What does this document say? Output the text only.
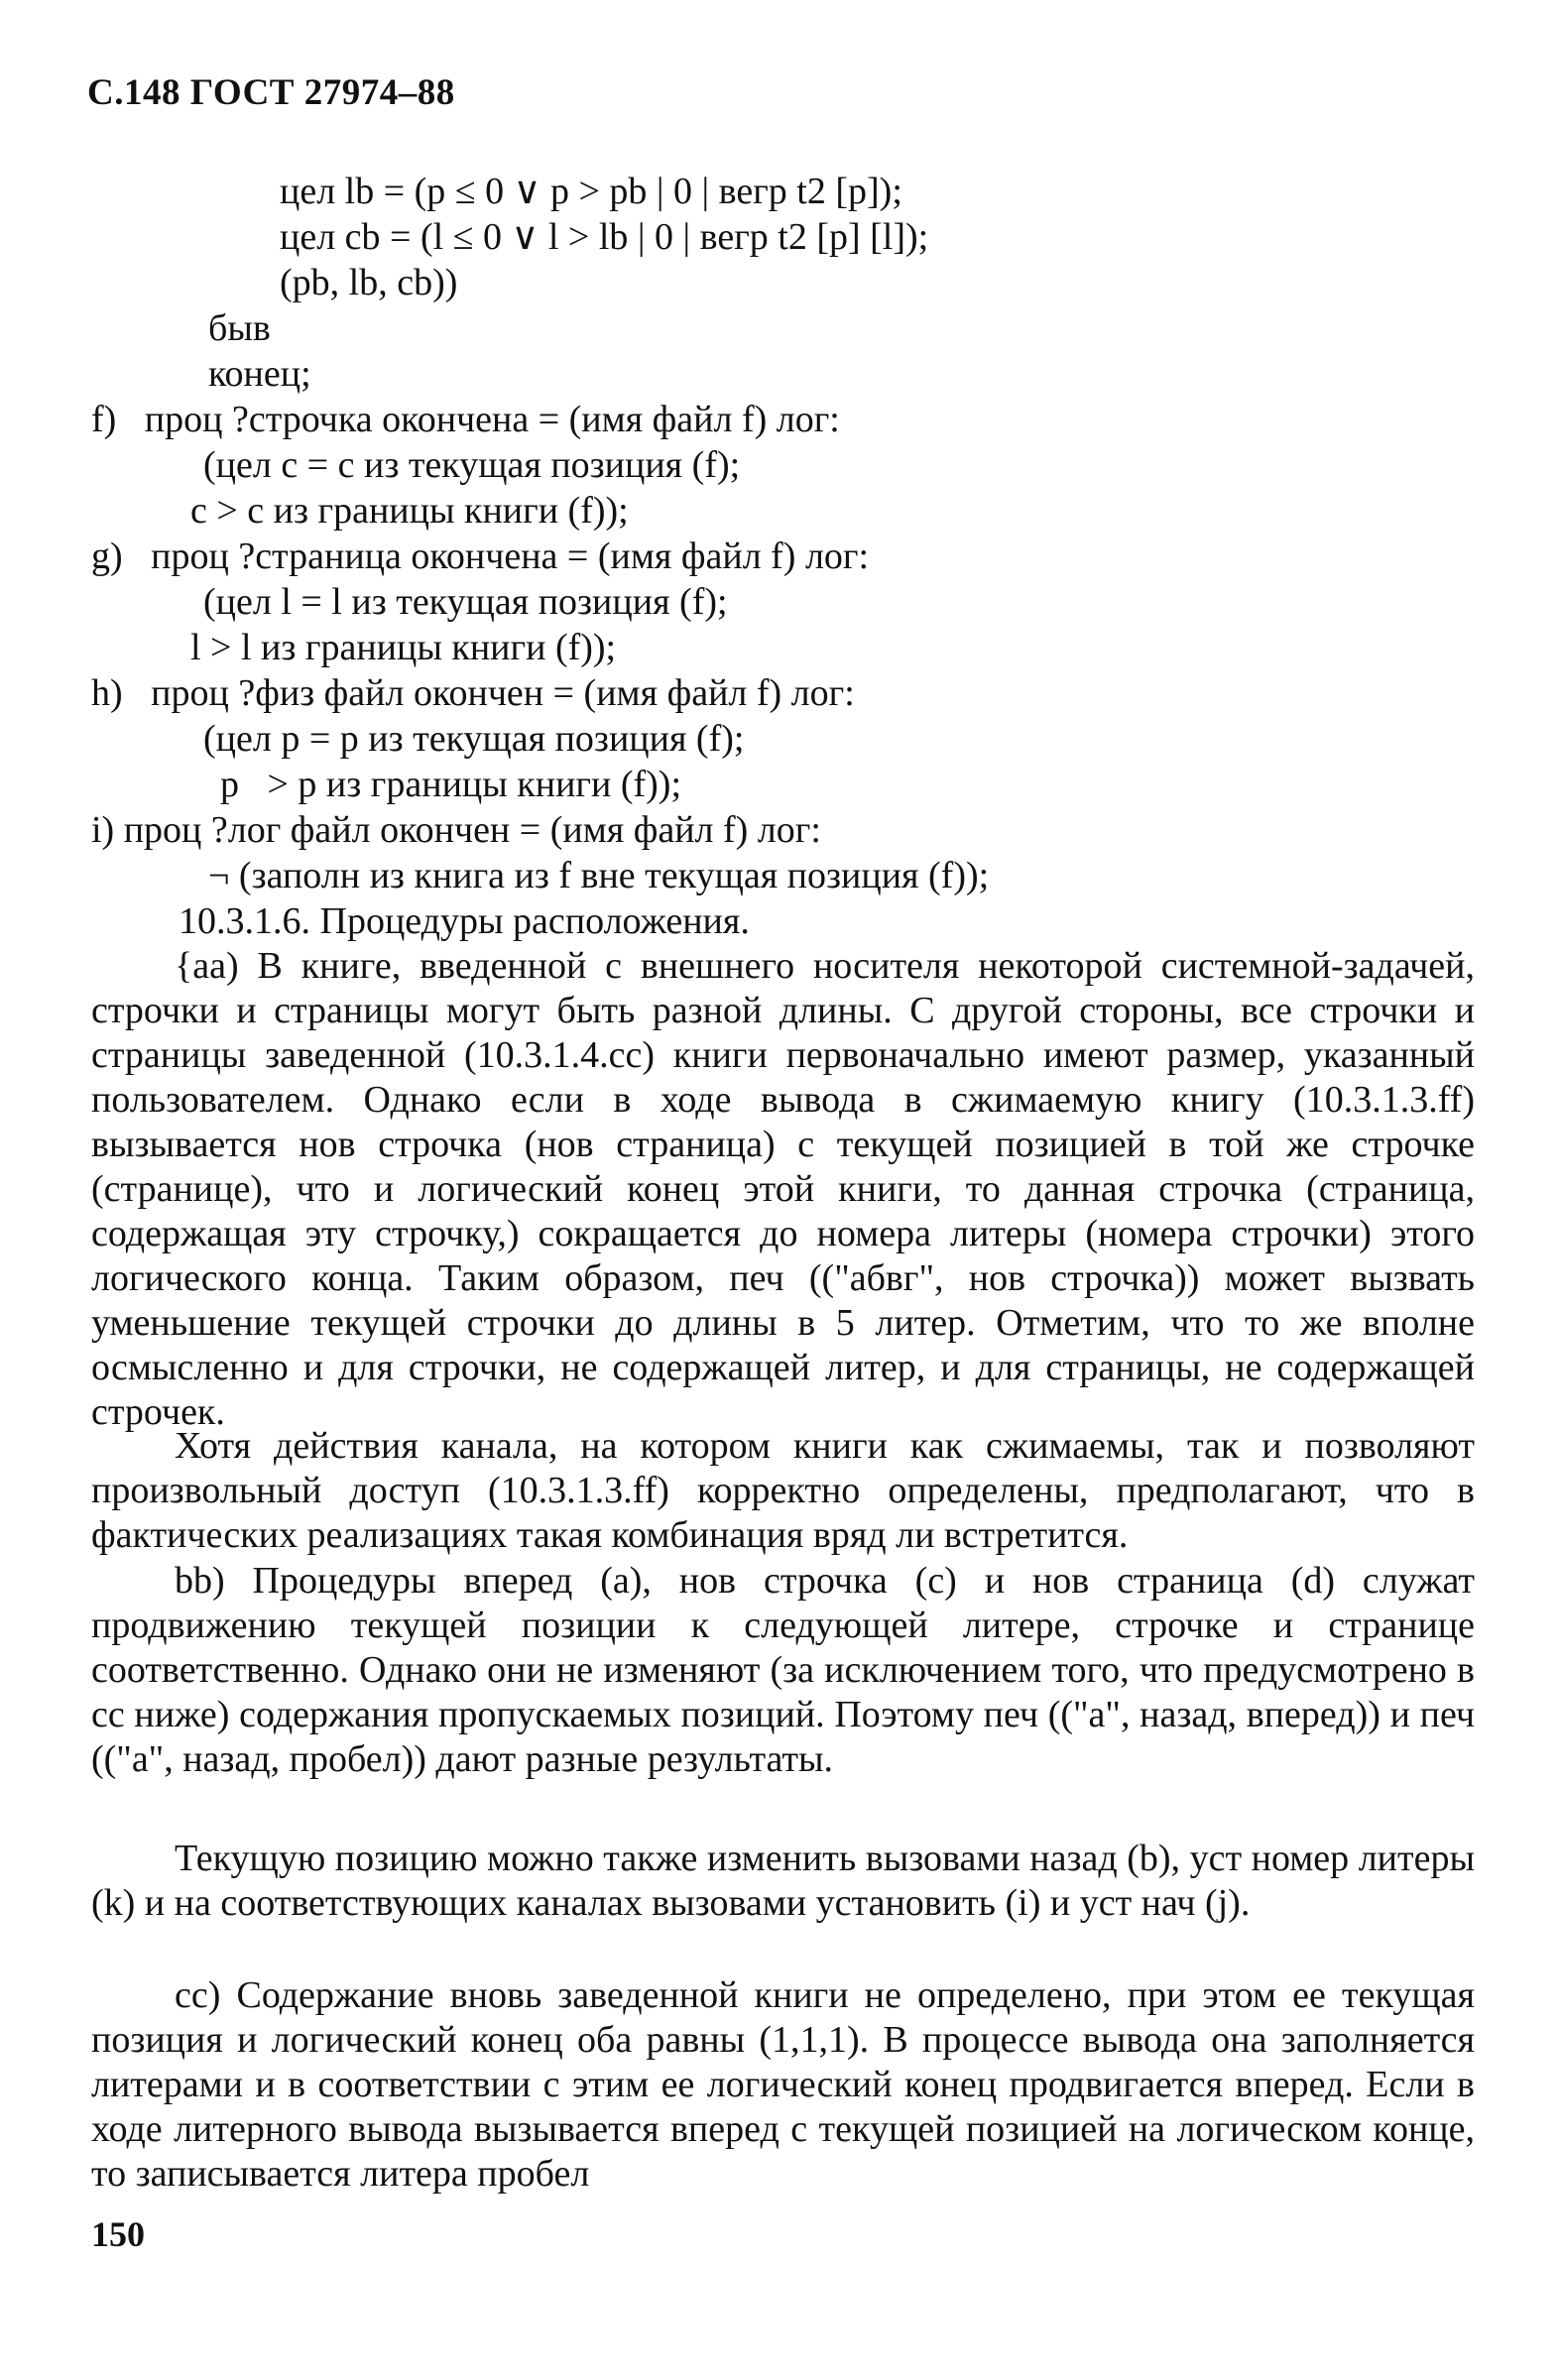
С.148 ГОСТ 27974–88
цел lb = (p ≤ 0 ∨ p > pb | 0 | вегр t2 [p]);
цел cb = (l ≤ 0 ∨ l > lb | 0 | вегр t2 [p] [l]);
(pb, lb, cb))
быв
конец;
f)   проц ?строчка окончена = (имя файл f) лог:
(цел c = c из текущая позиция (f);
c > c из границы книги (f));
g)   проц ?страница окончена = (имя файл f) лог:
(цел l = l из текущая позиция (f);
l > l из границы книги (f));
h)   проц ?физ файл окончен = (имя файл f) лог:
(цел p = p из текущая позиция (f);
p   > p из границы книги (f));
i) проц ?лог файл окончен = (имя файл f) лог:
¬ (заполн из книга из f вне текущая позиция (f));
10.3.1.6. Процедуры расположения.

{aa) В книге, введенной с внешнего носителя некоторой системной-задачей, строчки и страницы могут быть разной длины. С другой стороны, все строчки и страницы заведенной (10.3.1.4.cc) книги первоначально имеют размер, указанный пользователем. Однако если в ходе вывода в сжимаемую книгу (10.3.1.3.ff) вызывается нов строчка (нов страница) с текущей позицией в той же строчке (странице), что и логический конец этой книги, то данная строчка (страница, содержащая эту строчку,) сокращается до номера литеры (номера строчки) этого логического конца. Таким образом, печ (("абвг", нов строчка)) может вызвать уменьшение текущей строчки до длины в 5 литер. Отметим, что то же вполне осмысленно и для строчки, не содержащей литер, и для страницы, не содержащей строчек.

Хотя действия канала, на котором книги как сжимаемы, так и позволяют произвольный доступ (10.3.1.3.ff) корректно определены, предполагают, что в фактических реализациях такая комбинация вряд ли встретится.

bb) Процедуры вперед (a), нов строчка (c) и нов страница (d) служат продвижению текущей позиции к следующей литере, строчке и странице соответственно. Однако они не изменяют (за исключением того, что предусмотрено в cc ниже) содержания пропускаемых позиций. Поэтому печ (("a", назад, вперед)) и печ (("a", назад, пробел)) дают разные результаты.

Текущую позицию можно также изменить вызовами назад (b), уст номер литеры (k) и на соответствующих каналах вызовами установить (i) и уст нач (j).

cc) Содержание вновь заведенной книги не определено, при этом ее текущая позиция и логический конец оба равны (1,1,1). В процессе вывода она заполняется литерами и в соответствии с этим ее логический конец продвигается вперед. Если в ходе литерного вывода вызывается вперед с текущей позицией на логическом конце, то записывается литера пробел

150
